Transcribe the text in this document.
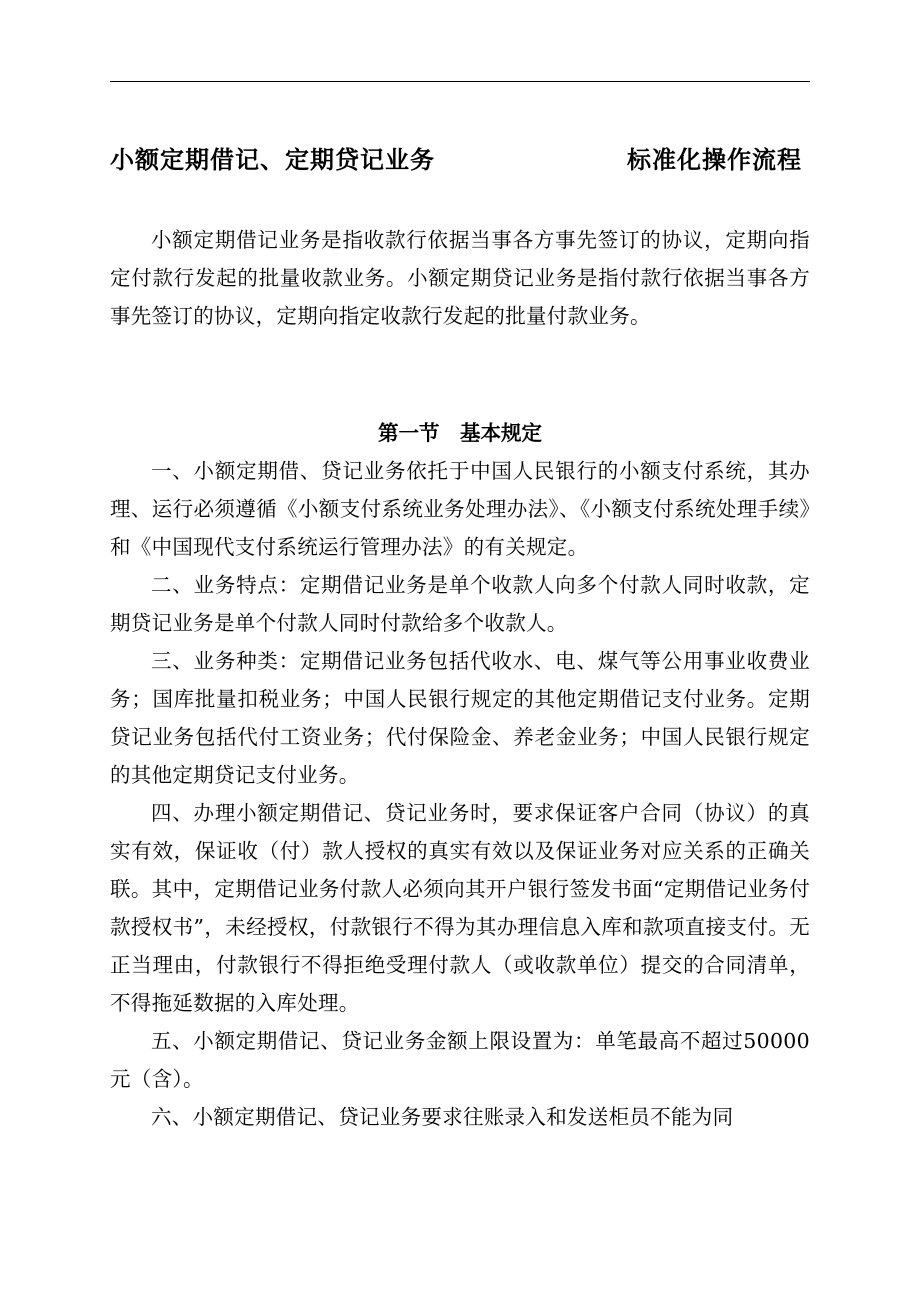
小额定期借记、定期贷记业务	标准化操作流程

小额定期借记业务是指收款行依据当事各方事先签订的协议，定期向指定付款行发起的批量收款业务。小额定期贷记业务是指付款行依据当事各方事先签订的协议，定期向指定收款行发起的批量付款业务。

第一节　基本规定

一、小额定期借、贷记业务依托于中国人民银行的小额支付系统，其办理、运行必须遵循《小额支付系统业务处理办法》、《小额支付系统处理手续》和《中国现代支付系统运行管理办法》的有关规定。

二、业务特点：定期借记业务是单个收款人向多个付款人同时收款，定期贷记业务是单个付款人同时付款给多个收款人。

三、业务种类：定期借记业务包括代收水、电、煤气等公用事业收费业务；国库批量扣税业务；中国人民银行规定的其他定期借记支付业务。定期贷记业务包括代付工资业务；代付保险金、养老金业务；中国人民银行规定的其他定期贷记支付业务。

四、办理小额定期借记、贷记业务时，要求保证客户合同（协议）的真实有效，保证收（付）款人授权的真实有效以及保证业务对应关系的正确关联。其中，定期借记业务付款人必须向其开户银行签发书面“定期借记业务付款授权书”，未经授权，付款银行不得为其办理信息入库和款项直接支付。无正当理由，付款银行不得拒绝受理付款人（或收款单位）提交的合同清单，不得拖延数据的入库处理。

五、小额定期借记、贷记业务金额上限设置为：单笔最高不超过50000元（含）。

六、小额定期借记、贷记业务要求往账录入和发送柜员不能为同
